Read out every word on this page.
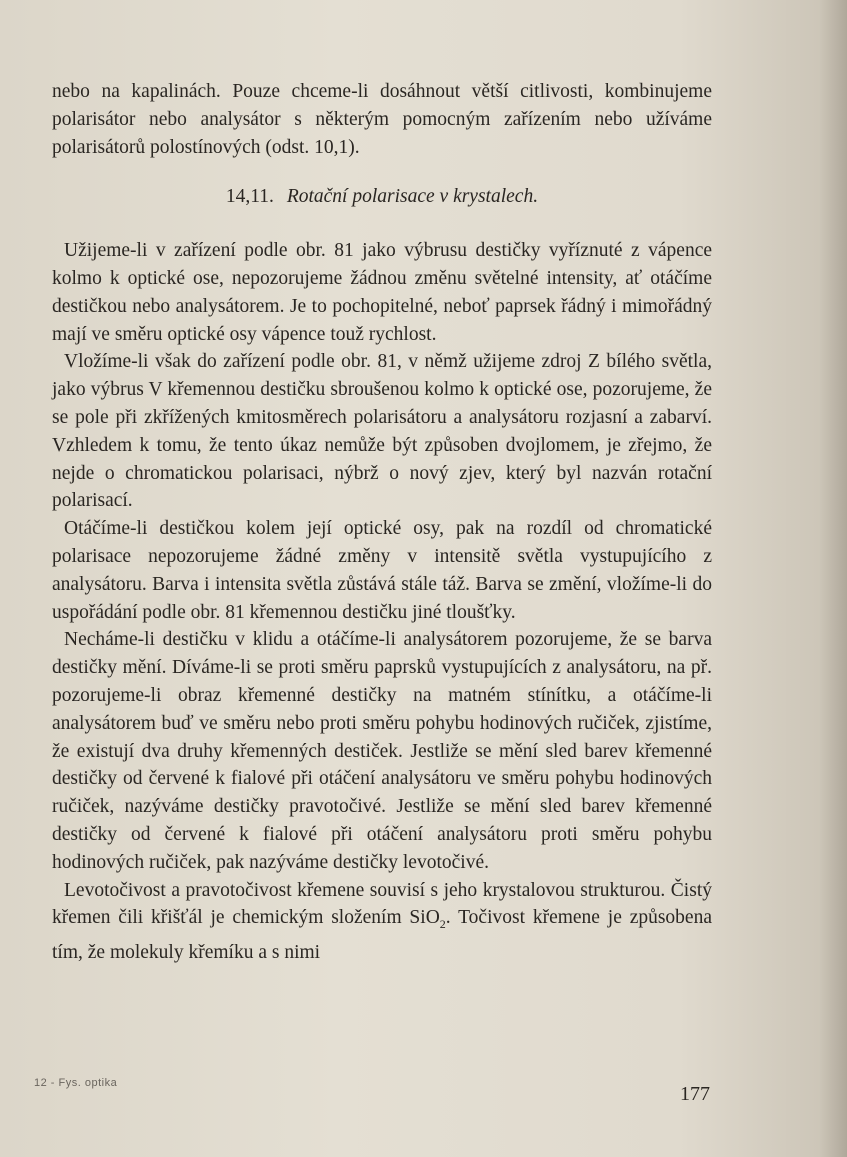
nebo na kapalinách. Pouze chceme-li dosáhnout větší citlivosti, kombinujeme polarisátor nebo analysátor s některým pomocným zařízením nebo užíváme polarisátorů polostínových (odst. 10,1).

14,11. Rotační polarisace v krystalech.

Užijeme-li v zařízení podle obr. 81 jako výbrusu destičky vyříznuté z vápence kolmo k optické ose, nepozorujeme žádnou změnu světelné intensity, ať otáčíme destičkou nebo analysátorem. Je to pochopitelné, neboť paprsek řádný i mimořádný mají ve směru optické osy vápence touž rychlost.

Vložíme-li však do zařízení podle obr. 81, v němž užijeme zdroj Z bílého světla, jako výbrus V křemennou destičku sbroušenou kolmo k optické ose, pozorujeme, že se pole při zkřížených kmitosměrech polarisátoru a analysátoru rozjasní a zabarví. Vzhledem k tomu, že tento úkaz nemůže být způsoben dvojlomem, je zřejmo, že nejde o chromatickou polarisaci, nýbrž o nový zjev, který byl nazván rotační polarisací.

Otáčíme-li destičkou kolem její optické osy, pak na rozdíl od chromatické polarisace nepozorujeme žádné změny v intensitě světla vystupujícího z analysátoru. Barva i intensita světla zůstává stále táž. Barva se změní, vložíme-li do uspořádání podle obr. 81 křemennou destičku jiné tloušťky.

Necháme-li destičku v klidu a otáčíme-li analysátorem pozorujeme, že se barva destičky mění. Díváme-li se proti směru paprsků vystupujících z analysátoru, na př. pozorujeme-li obraz křemenné destičky na matném stínítku, a otáčíme-li analysátorem buď ve směru nebo proti směru pohybu hodinových ručiček, zjistíme, že existují dva druhy křemenných destiček. Jestliže se mění sled barev křemenné destičky od červené k fialové při otáčení analysátoru ve směru pohybu hodinových ručiček, nazýváme destičky pravotočivé. Jestliže se mění sled barev křemenné destičky od červené k fialové při otáčení analysátoru proti směru pohybu hodinových ručiček, pak nazýváme destičky levotočivé.

Levotočivost a pravotočivost křemene souvisí s jeho krystalovou strukturou. Čistý křemen čili křišťál je chemickým složením SiO$_2$. Točivost křemene je způsobena tím, že molekuly křemíku a s nimi

12 - Fys. optika	177
